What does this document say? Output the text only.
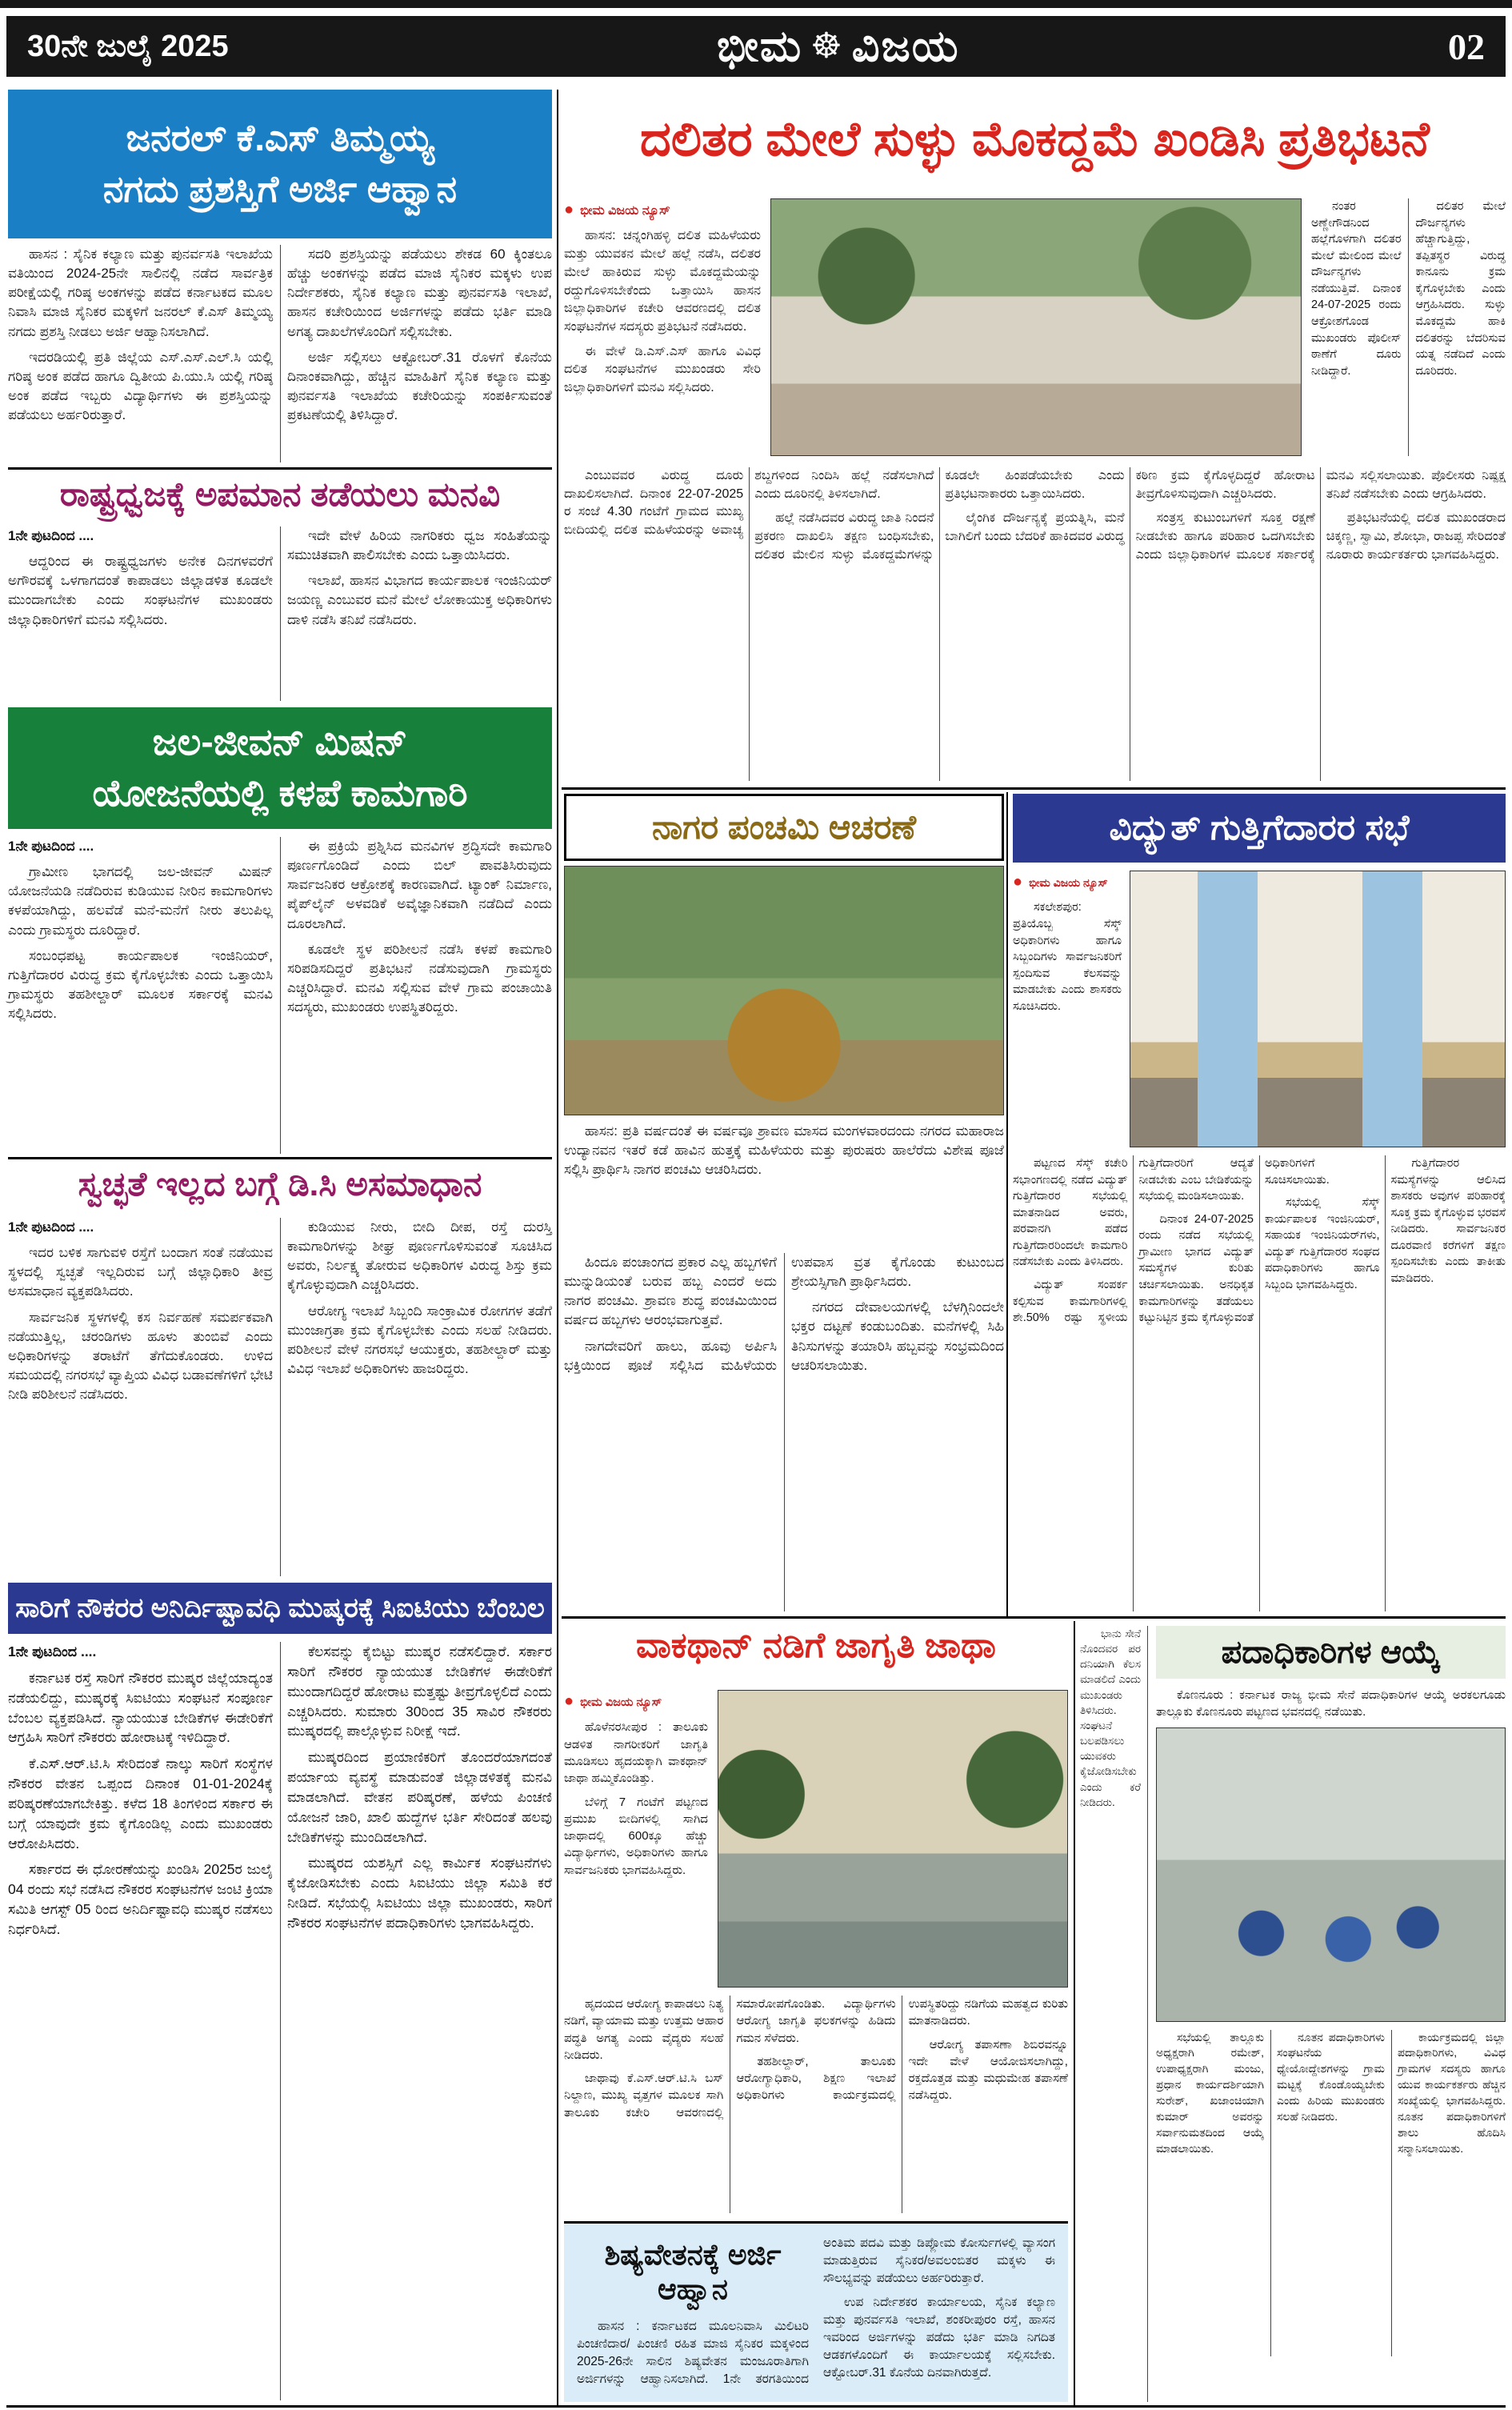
30ನೇ ಜುಲೈ 2025	ಭೀಮ ☸ ವಿಜಯ	02
ಜನರಲ್ ಕೆ.ಎಸ್ ತಿಮ್ಮಯ್ಯ
ನಗದು ಪ್ರಶಸ್ತಿಗೆ ಅರ್ಜಿ ಆಹ್ವಾನ

ಹಾಸನ : ಸೈನಿಕ ಕಲ್ಯಾಣ ಮತ್ತು ಪುನರ್ವಸತಿ ಇಲಾಖೆಯ ವತಿಯಿಂದ 2024-25ನೇ ಸಾಲಿನಲ್ಲಿ ನಡೆದ ಸಾರ್ವತ್ರಿಕ ಪರೀಕ್ಷೆಯಲ್ಲಿ ಗರಿಷ್ಠ ಅಂಕಗಳನ್ನು ಪಡೆದ ಕರ್ನಾಟಕದ ಮೂಲ ನಿವಾಸಿ ಮಾಜಿ ಸೈನಿಕರ ಮಕ್ಕಳಿಗೆ ಜನರಲ್ ಕೆ.ಎಸ್ ತಿಮ್ಮಯ್ಯ ನಗದು ಪ್ರಶಸ್ತಿ ನೀಡಲು ಅರ್ಜಿ ಆಹ್ವಾನಿಸಲಾಗಿದೆ.

ಇದರಡಿಯಲ್ಲಿ ಪ್ರತಿ ಜಿಲ್ಲೆಯ ಎಸ್.ಎಸ್.ಎಲ್.ಸಿ ಯಲ್ಲಿ ಗರಿಷ್ಠ ಅಂಕ ಪಡೆದ ಹಾಗೂ ದ್ವಿತೀಯ ಪಿ.ಯು.ಸಿ ಯಲ್ಲಿ ಗರಿಷ್ಠ ಅಂಕ ಪಡೆದ ಇಬ್ಬರು ವಿದ್ಯಾರ್ಥಿಗಳು ಈ ಪ್ರಶಸ್ತಿಯನ್ನು ಪಡೆಯಲು ಅರ್ಹರಿರುತ್ತಾರೆ.

ಸದರಿ ಪ್ರಶಸ್ತಿಯನ್ನು ಪಡೆಯಲು ಶೇಕಡ 60 ಕ್ಕಿಂತಲೂ ಹೆಚ್ಚು ಅಂಕಗಳನ್ನು ಪಡೆದ ಮಾಜಿ ಸೈನಿಕರ ಮಕ್ಕಳು ಉಪ ನಿರ್ದೇಶಕರು, ಸೈನಿಕ ಕಲ್ಯಾಣ ಮತ್ತು ಪುನರ್ವಸತಿ ಇಲಾಖೆ, ಹಾಸನ ಕಚೇರಿಯಿಂದ ಅರ್ಜಿಗಳನ್ನು ಪಡೆದು ಭರ್ತಿ ಮಾಡಿ ಅಗತ್ಯ ದಾಖಲೆಗಳೊಂದಿಗೆ ಸಲ್ಲಿಸಬೇಕು.

ಅರ್ಜಿ ಸಲ್ಲಿಸಲು ಆಕ್ಟೋಬರ್.31 ರೊಳಗೆ ಕೊನೆಯ ದಿನಾಂಕವಾಗಿದ್ದು, ಹೆಚ್ಚಿನ ಮಾಹಿತಿಗೆ ಸೈನಿಕ ಕಲ್ಯಾಣ ಮತ್ತು ಪುನರ್ವಸತಿ ಇಲಾಖೆಯ ಕಚೇರಿಯನ್ನು ಸಂಪರ್ಕಿಸುವಂತೆ ಪ್ರಕಟಣೆಯಲ್ಲಿ ತಿಳಿಸಿದ್ದಾರೆ.

ರಾಷ್ಟ್ರಧ್ವಜಕ್ಕೆ ಅಪಮಾನ ತಡೆಯಲು ಮನವಿ

1ನೇ ಪುಟದಿಂದ ....

ಆದ್ದರಿಂದ ಈ ರಾಷ್ಟ್ರಧ್ವಜಗಳು ಅನೇಕ ದಿನಗಳವರೆಗೆ ಅಗೌರವಕ್ಕೆ ಒಳಗಾಗದಂತೆ ಕಾಪಾಡಲು ಜಿಲ್ಲಾಡಳಿತ ಕೂಡಲೇ ಮುಂದಾಗಬೇಕು ಎಂದು ಸಂಘಟನೆಗಳ ಮುಖಂಡರು ಜಿಲ್ಲಾಧಿಕಾರಿಗಳಿಗೆ ಮನವಿ ಸಲ್ಲಿಸಿದರು.

ಇದೇ ವೇಳೆ ಹಿರಿಯ ನಾಗರಿಕರು ಧ್ವಜ ಸಂಹಿತೆಯನ್ನು ಸಮುಚಿತವಾಗಿ ಪಾಲಿಸಬೇಕು ಎಂದು ಒತ್ತಾಯಿಸಿದರು.

ಇಲಾಖೆ, ಹಾಸನ ವಿಭಾಗದ ಕಾರ್ಯಪಾಲಕ ಇಂಜಿನಿಯರ್ ಜಯಣ್ಣ ಎಂಬುವರ ಮನೆ ಮೇಲೆ ಲೋಕಾಯುಕ್ತ ಅಧಿಕಾರಿಗಳು ದಾಳಿ ನಡೆಸಿ ತನಿಖೆ ನಡೆಸಿದರು.

ಜಲ-ಜೀವನ್ ಮಿಷನ್
ಯೋಜನೆಯಲ್ಲಿ ಕಳಪೆ ಕಾಮಗಾರಿ

1ನೇ ಪುಟದಿಂದ ....

ಗ್ರಾಮೀಣ ಭಾಗದಲ್ಲಿ ಜಲ-ಜೀವನ್ ಮಿಷನ್ ಯೋಜನೆಯಡಿ ನಡೆದಿರುವ ಕುಡಿಯುವ ನೀರಿನ ಕಾಮಗಾರಿಗಳು ಕಳಪೆಯಾಗಿದ್ದು, ಹಲವೆಡೆ ಮನೆ-ಮನೆಗೆ ನೀರು ತಲುಪಿಲ್ಲ ಎಂದು ಗ್ರಾಮಸ್ಥರು ದೂರಿದ್ದಾರೆ.

ಸಂಬಂಧಪಟ್ಟ ಕಾರ್ಯಪಾಲಕ ಇಂಜಿನಿಯರ್, ಗುತ್ತಿಗೆದಾರರ ವಿರುದ್ಧ ಕ್ರಮ ಕೈಗೊಳ್ಳಬೇಕು ಎಂದು ಒತ್ತಾಯಿಸಿ ಗ್ರಾಮಸ್ಥರು ತಹಶೀಲ್ದಾರ್ ಮೂಲಕ ಸರ್ಕಾರಕ್ಕೆ ಮನವಿ ಸಲ್ಲಿಸಿದರು.

ಈ ಪ್ರಕ್ರಿಯೆ ಪ್ರಶ್ನಿಸಿದ ಮನವಿಗಳ ಶ್ರದ್ಧಿಸದೇ ಕಾಮಗಾರಿ ಪೂರ್ಣಗೊಂಡಿದೆ ಎಂದು ಬಿಲ್ ಪಾವತಿಸಿರುವುದು ಸಾರ್ವಜನಿಕರ ಆಕ್ರೋಶಕ್ಕೆ ಕಾರಣವಾಗಿದೆ. ಟ್ಯಾಂಕ್ ನಿರ್ಮಾಣ, ಪೈಪ್‌ಲೈನ್ ಅಳವಡಿಕೆ ಅವೈಜ್ಞಾನಿಕವಾಗಿ ನಡೆದಿದೆ ಎಂದು ದೂರಲಾಗಿದೆ.

ಕೂಡಲೇ ಸ್ಥಳ ಪರಿಶೀಲನೆ ನಡೆಸಿ ಕಳಪೆ ಕಾಮಗಾರಿ ಸರಿಪಡಿಸದಿದ್ದರೆ ಪ್ರತಿಭಟನೆ ನಡೆಸುವುದಾಗಿ ಗ್ರಾಮಸ್ಥರು ಎಚ್ಚರಿಸಿದ್ದಾರೆ. ಮನವಿ ಸಲ್ಲಿಸುವ ವೇಳೆ ಗ್ರಾಮ ಪಂಚಾಯಿತಿ ಸದಸ್ಯರು, ಮುಖಂಡರು ಉಪಸ್ಥಿತರಿದ್ದರು.

ಸ್ವಚ್ಛತೆ ಇಲ್ಲದ ಬಗ್ಗೆ ಡಿ.ಸಿ ಅಸಮಾಧಾನ

1ನೇ ಪುಟದಿಂದ ....

ಇದರ ಬಳಿಕ ಸಾಗುವಳಿ ರಸ್ತೆಗೆ ಬಂದಾಗ ಸಂತೆ ನಡೆಯುವ ಸ್ಥಳದಲ್ಲಿ ಸ್ವಚ್ಛತೆ ಇಲ್ಲದಿರುವ ಬಗ್ಗೆ ಜಿಲ್ಲಾಧಿಕಾರಿ ತೀವ್ರ ಅಸಮಾಧಾನ ವ್ಯಕ್ತಪಡಿಸಿದರು.

ಸಾರ್ವಜನಿಕ ಸ್ಥಳಗಳಲ್ಲಿ ಕಸ ನಿರ್ವಹಣೆ ಸಮರ್ಪಕವಾಗಿ ನಡೆಯುತ್ತಿಲ್ಲ, ಚರಂಡಿಗಳು ಹೂಳು ತುಂಬಿವೆ ಎಂದು ಅಧಿಕಾರಿಗಳನ್ನು ತರಾಟೆಗೆ ತೆಗೆದುಕೊಂಡರು. ಉಳಿದ ಸಮಯದಲ್ಲಿ ನಗರಸಭೆ ವ್ಯಾಪ್ತಿಯ ವಿವಿಧ ಬಡಾವಣೆಗಳಿಗೆ ಭೇಟಿ ನೀಡಿ ಪರಿಶೀಲನೆ ನಡೆಸಿದರು.

ಕುಡಿಯುವ ನೀರು, ಬೀದಿ ದೀಪ, ರಸ್ತೆ ದುರಸ್ತಿ ಕಾಮಗಾರಿಗಳನ್ನು ಶೀಘ್ರ ಪೂರ್ಣಗೊಳಿಸುವಂತೆ ಸೂಚಿಸಿದ ಅವರು, ನಿರ್ಲಕ್ಷ್ಯ ತೋರುವ ಅಧಿಕಾರಿಗಳ ವಿರುದ್ಧ ಶಿಸ್ತು ಕ್ರಮ ಕೈಗೊಳ್ಳುವುದಾಗಿ ಎಚ್ಚರಿಸಿದರು.

ಆರೋಗ್ಯ ಇಲಾಖೆ ಸಿಬ್ಬಂದಿ ಸಾಂಕ್ರಾಮಿಕ ರೋಗಗಳ ತಡೆಗೆ ಮುಂಜಾಗ್ರತಾ ಕ್ರಮ ಕೈಗೊಳ್ಳಬೇಕು ಎಂದು ಸಲಹೆ ನೀಡಿದರು. ಪರಿಶೀಲನೆ ವೇಳೆ ನಗರಸಭೆ ಆಯುಕ್ತರು, ತಹಶೀಲ್ದಾರ್ ಮತ್ತು ವಿವಿಧ ಇಲಾಖೆ ಅಧಿಕಾರಿಗಳು ಹಾಜರಿದ್ದರು.

ಸಾರಿಗೆ ನೌಕರರ ಅನಿರ್ದಿಷ್ಟಾವಧಿ ಮುಷ್ಕರಕ್ಕೆ ಸಿಐಟಿಯು ಬೆಂಬಲ

1ನೇ ಪುಟದಿಂದ ....

ಕರ್ನಾಟಕ ರಸ್ತೆ ಸಾರಿಗೆ ನೌಕರರ ಮುಷ್ಕರ ಜಿಲ್ಲೆಯಾದ್ಯಂತ ನಡೆಯಲಿದ್ದು, ಮುಷ್ಕರಕ್ಕೆ ಸಿಐಟಿಯು ಸಂಘಟನೆ ಸಂಪೂರ್ಣ ಬೆಂಬಲ ವ್ಯಕ್ತಪಡಿಸಿದೆ. ನ್ಯಾಯಯುತ ಬೇಡಿಕೆಗಳ ಈಡೇರಿಕೆಗೆ ಆಗ್ರಹಿಸಿ ಸಾರಿಗೆ ನೌಕರರು ಹೋರಾಟಕ್ಕೆ ಇಳಿದಿದ್ದಾರೆ.

ಕೆ.ಎಸ್.ಆರ್.ಟಿ.ಸಿ ಸೇರಿದಂತೆ ನಾಲ್ಕು ಸಾರಿಗೆ ಸಂಸ್ಥೆಗಳ ನೌಕರರ ವೇತನ ಒಪ್ಪಂದ ದಿನಾಂಕ 01-01-2024ಕ್ಕೆ ಪರಿಷ್ಕರಣೆಯಾಗಬೇಕಿತ್ತು. ಕಳೆದ 18 ತಿಂಗಳಿಂದ ಸರ್ಕಾರ ಈ ಬಗ್ಗೆ ಯಾವುದೇ ಕ್ರಮ ಕೈಗೊಂಡಿಲ್ಲ ಎಂದು ಮುಖಂಡರು ಆರೋಪಿಸಿದರು.

ಸರ್ಕಾರದ ಈ ಧೋರಣೆಯನ್ನು ಖಂಡಿಸಿ 2025ರ ಜುಲೈ 04 ರಂದು ಸಭೆ ನಡೆಸಿದ ನೌಕರರ ಸಂಘಟನೆಗಳ ಜಂಟಿ ಕ್ರಿಯಾ ಸಮಿತಿ ಆಗಸ್ಟ್ 05 ರಿಂದ ಅನಿರ್ದಿಷ್ಟಾವಧಿ ಮುಷ್ಕರ ನಡೆಸಲು ನಿರ್ಧರಿಸಿದೆ.

ಕೆಲಸವನ್ನು ಕೈಬಿಟ್ಟು ಮುಷ್ಕರ ನಡೆಸಲಿದ್ದಾರೆ. ಸರ್ಕಾರ ಸಾರಿಗೆ ನೌಕರರ ನ್ಯಾಯಯುತ ಬೇಡಿಕೆಗಳ ಈಡೇರಿಕೆಗೆ ಮುಂದಾಗದಿದ್ದರೆ ಹೋರಾಟ ಮತ್ತಷ್ಟು ತೀವ್ರಗೊಳ್ಳಲಿದೆ ಎಂದು ಎಚ್ಚರಿಸಿದರು. ಸುಮಾರು 30ರಿಂದ 35 ಸಾವಿರ ನೌಕರರು ಮುಷ್ಕರದಲ್ಲಿ ಪಾಲ್ಗೊಳ್ಳುವ ನಿರೀಕ್ಷೆ ಇದೆ.

ಮುಷ್ಕರದಿಂದ ಪ್ರಯಾಣಿಕರಿಗೆ ತೊಂದರೆಯಾಗದಂತೆ ಪರ್ಯಾಯ ವ್ಯವಸ್ಥೆ ಮಾಡುವಂತೆ ಜಿಲ್ಲಾಡಳಿತಕ್ಕೆ ಮನವಿ ಮಾಡಲಾಗಿದೆ. ವೇತನ ಪರಿಷ್ಕರಣೆ, ಹಳೆಯ ಪಿಂಚಣಿ ಯೋಜನೆ ಜಾರಿ, ಖಾಲಿ ಹುದ್ದೆಗಳ ಭರ್ತಿ ಸೇರಿದಂತೆ ಹಲವು ಬೇಡಿಕೆಗಳನ್ನು ಮುಂದಿಡಲಾಗಿದೆ.

ಮುಷ್ಕರದ ಯಶಸ್ಸಿಗೆ ಎಲ್ಲ ಕಾರ್ಮಿಕ ಸಂಘಟನೆಗಳು ಕೈಜೋಡಿಸಬೇಕು ಎಂದು ಸಿಐಟಿಯು ಜಿಲ್ಲಾ ಸಮಿತಿ ಕರೆ ನೀಡಿದೆ. ಸಭೆಯಲ್ಲಿ ಸಿಐಟಿಯು ಜಿಲ್ಲಾ ಮುಖಂಡರು, ಸಾರಿಗೆ ನೌಕರರ ಸಂಘಟನೆಗಳ ಪದಾಧಿಕಾರಿಗಳು ಭಾಗವಹಿಸಿದ್ದರು.

ದಲಿತರ ಮೇಲೆ ಸುಳ್ಳು ಮೊಕದ್ದಮೆ ಖಂಡಿಸಿ ಪ್ರತಿಭಟನೆ

● ಭೀಮ ವಿಜಯ ನ್ಯೂಸ್

ಹಾಸನ: ಚನ್ನಂಗಿಹಳ್ಳಿ ದಲಿತ ಮಹಿಳೆಯರು ಮತ್ತು ಯುವಕನ ಮೇಲೆ ಹಲ್ಲೆ ನಡೆಸಿ, ದಲಿತರ ಮೇಲೆ ಹಾಕಿರುವ ಸುಳ್ಳು ಮೊಕದ್ದಮೆಯನ್ನು ರದ್ದುಗೊಳಿಸಬೇಕೆಂದು ಒತ್ತಾಯಿಸಿ ಹಾಸನ ಜಿಲ್ಲಾಧಿಕಾರಿಗಳ ಕಚೇರಿ ಆವರಣದಲ್ಲಿ ದಲಿತ ಸಂಘಟನೆಗಳ ಸದಸ್ಯರು ಪ್ರತಿಭಟನೆ ನಡೆಸಿದರು.

ಈ ವೇಳೆ ಡಿ.ಎಸ್.ಎಸ್ ಹಾಗೂ ವಿವಿಧ ದಲಿತ ಸಂಘಟನೆಗಳ ಮುಖಂಡರು ಸೇರಿ ಜಿಲ್ಲಾಧಿಕಾರಿಗಳಿಗೆ ಮನವಿ ಸಲ್ಲಿಸಿದರು.

ನಂತರ ಅಣ್ಣೇಗೌಡನಿಂದ ಹಲ್ಲೆಗೊಳಗಾಗಿ ದಲಿತರ ಮೇಲೆ ಮೇಲಿಂದ ಮೇಲೆ ದೌರ್ಜನ್ಯಗಳು ನಡೆಯುತ್ತಿವೆ. ದಿನಾಂಕ 24-07-2025 ರಂದು ಆಕ್ರೋಶಗೊಂಡ ಮುಖಂಡರು ಪೊಲೀಸ್ ಠಾಣೆಗೆ ದೂರು ನೀಡಿದ್ದಾರೆ.

ದಲಿತರ ಮೇಲೆ ದೌರ್ಜನ್ಯಗಳು ಹೆಚ್ಚಾಗುತ್ತಿದ್ದು, ತಪ್ಪಿತಸ್ಥರ ವಿರುದ್ಧ ಕಾನೂನು ಕ್ರಮ ಕೈಗೊಳ್ಳಬೇಕು ಎಂದು ಆಗ್ರಹಿಸಿದರು. ಸುಳ್ಳು ಮೊಕದ್ದಮೆ ಹಾಕಿ ದಲಿತರನ್ನು ಬೆದರಿಸುವ ಯತ್ನ ನಡೆದಿದೆ ಎಂದು ದೂರಿದರು.

ಎಂಬುವವರ ವಿರುದ್ಧ ದೂರು ದಾಖಲಿಸಲಾಗಿದೆ. ದಿನಾಂಕ 22-07-2025 ರ ಸಂಜೆ 4.30 ಗಂಟೆಗೆ ಗ್ರಾಮದ ಮುಖ್ಯ ಬೀದಿಯಲ್ಲಿ ದಲಿತ ಮಹಿಳೆಯರನ್ನು ಅವಾಚ್ಯ ಶಬ್ದಗಳಿಂದ ನಿಂದಿಸಿ ಹಲ್ಲೆ ನಡೆಸಲಾಗಿದೆ ಎಂದು ದೂರಿನಲ್ಲಿ ತಿಳಿಸಲಾಗಿದೆ.

ಹಲ್ಲೆ ನಡೆಸಿದವರ ವಿರುದ್ಧ ಜಾತಿ ನಿಂದನೆ ಪ್ರಕರಣ ದಾಖಲಿಸಿ ತಕ್ಷಣ ಬಂಧಿಸಬೇಕು, ದಲಿತರ ಮೇಲಿನ ಸುಳ್ಳು ಮೊಕದ್ದಮೆಗಳನ್ನು ಕೂಡಲೇ ಹಿಂಪಡೆಯಬೇಕು ಎಂದು ಪ್ರತಿಭಟನಾಕಾರರು ಒತ್ತಾಯಿಸಿದರು.

ಲೈಂಗಿಕ ದೌರ್ಜನ್ಯಕ್ಕೆ ಪ್ರಯತ್ನಿಸಿ, ಮನೆ ಬಾಗಿಲಿಗೆ ಬಂದು ಬೆದರಿಕೆ ಹಾಕಿದವರ ವಿರುದ್ಧ ಕಠಿಣ ಕ್ರಮ ಕೈಗೊಳ್ಳದಿದ್ದರೆ ಹೋರಾಟ ತೀವ್ರಗೊಳಿಸುವುದಾಗಿ ಎಚ್ಚರಿಸಿದರು.

ಸಂತ್ರಸ್ತ ಕುಟುಂಬಗಳಿಗೆ ಸೂಕ್ತ ರಕ್ಷಣೆ ನೀಡಬೇಕು ಹಾಗೂ ಪರಿಹಾರ ಒದಗಿಸಬೇಕು ಎಂದು ಜಿಲ್ಲಾಧಿಕಾರಿಗಳ ಮೂಲಕ ಸರ್ಕಾರಕ್ಕೆ ಮನವಿ ಸಲ್ಲಿಸಲಾಯಿತು. ಪೊಲೀಸರು ನಿಷ್ಪಕ್ಷ ತನಿಖೆ ನಡೆಸಬೇಕು ಎಂದು ಆಗ್ರಹಿಸಿದರು.

ಪ್ರತಿಭಟನೆಯಲ್ಲಿ ದಲಿತ ಮುಖಂಡರಾದ ಚಿಕ್ಕಣ್ಣ, ಸ್ವಾಮಿ, ಶೋಭಾ, ರಾಜಪ್ಪ ಸೇರಿದಂತೆ ನೂರಾರು ಕಾರ್ಯಕರ್ತರು ಭಾಗವಹಿಸಿದ್ದರು.

ನಾಗರ ಪಂಚಮಿ ಆಚರಣೆ

ಹಾಸನ: ಪ್ರತಿ ವರ್ಷದಂತೆ ಈ ವರ್ಷವೂ ಶ್ರಾವಣ ಮಾಸದ ಮಂಗಳವಾರದಂದು ನಗರದ ಮಹಾರಾಜ ಉದ್ಯಾನವನ ಇತರೆ ಕಡೆ ಹಾವಿನ ಹುತ್ತಕ್ಕೆ ಮಹಿಳೆಯರು ಮತ್ತು ಪುರುಷರು ಹಾಲೆರೆದು ವಿಶೇಷ ಪೂಜೆ ಸಲ್ಲಿಸಿ ಪ್ರಾರ್ಥಿಸಿ ನಾಗರ ಪಂಚಮಿ ಆಚರಿಸಿದರು.

ಹಿಂದೂ ಪಂಚಾಂಗದ ಪ್ರಕಾರ ಎಲ್ಲ ಹಬ್ಬಗಳಿಗೆ ಮುನ್ನುಡಿಯಂತೆ ಬರುವ ಹಬ್ಬ ಎಂದರೆ ಅದು ನಾಗರ ಪಂಚಮಿ. ಶ್ರಾವಣ ಶುದ್ಧ ಪಂಚಮಿಯಿಂದ ವರ್ಷದ ಹಬ್ಬಗಳು ಆರಂಭವಾಗುತ್ತವೆ.

ನಾಗದೇವರಿಗೆ ಹಾಲು, ಹೂವು ಅರ್ಪಿಸಿ ಭಕ್ತಿಯಿಂದ ಪೂಜೆ ಸಲ್ಲಿಸಿದ ಮಹಿಳೆಯರು ಉಪವಾಸ ವ್ರತ ಕೈಗೊಂಡು ಕುಟುಂಬದ ಶ್ರೇಯಸ್ಸಿಗಾಗಿ ಪ್ರಾರ್ಥಿಸಿದರು.

ನಗರದ ದೇವಾಲಯಗಳಲ್ಲಿ ಬೆಳಗ್ಗಿನಿಂದಲೇ ಭಕ್ತರ ದಟ್ಟಣೆ ಕಂಡುಬಂದಿತು. ಮನೆಗಳಲ್ಲಿ ಸಿಹಿ ತಿನಿಸುಗಳನ್ನು ತಯಾರಿಸಿ ಹಬ್ಬವನ್ನು ಸಂಭ್ರಮದಿಂದ ಆಚರಿಸಲಾಯಿತು.

ವಿದ್ಯುತ್ ಗುತ್ತಿಗೆದಾರರ ಸಭೆ

● ಭೀಮ ವಿಜಯ ನ್ಯೂಸ್

ಸಕಲೇಶಪುರ: ಪ್ರತಿಯೊಬ್ಬ ಸೆಸ್ಕ್ ಅಧಿಕಾರಿಗಳು ಹಾಗೂ ಸಿಬ್ಬಂದಿಗಳು ಸಾರ್ವಜನಿಕರಿಗೆ ಸ್ಪಂದಿಸುವ ಕೆಲಸವನ್ನು ಮಾಡಬೇಕು ಎಂದು ಶಾಸಕರು ಸೂಚಿಸಿದರು.

ಪಟ್ಟಣದ ಸೆಸ್ಕ್ ಕಚೇರಿ ಸಭಾಂಗಣದಲ್ಲಿ ನಡೆದ ವಿದ್ಯುತ್ ಗುತ್ತಿಗೆದಾರರ ಸಭೆಯಲ್ಲಿ ಮಾತನಾಡಿದ ಅವರು, ಪರವಾನಗಿ ಪಡೆದ ಗುತ್ತಿಗೆದಾರರಿಂದಲೇ ಕಾಮಗಾರಿ ನಡೆಸಬೇಕು ಎಂದು ತಿಳಿಸಿದರು.

ವಿದ್ಯುತ್ ಸಂಪರ್ಕ ಕಲ್ಪಿಸುವ ಕಾಮಗಾರಿಗಳಲ್ಲಿ ಶೇ.50% ರಷ್ಟು ಸ್ಥಳೀಯ ಗುತ್ತಿಗೆದಾರರಿಗೆ ಆದ್ಯತೆ ನೀಡಬೇಕು ಎಂಬ ಬೇಡಿಕೆಯನ್ನು ಸಭೆಯಲ್ಲಿ ಮಂಡಿಸಲಾಯಿತು.

ದಿನಾಂಕ 24-07-2025 ರಂದು ನಡೆದ ಸಭೆಯಲ್ಲಿ ಗ್ರಾಮೀಣ ಭಾಗದ ವಿದ್ಯುತ್ ಸಮಸ್ಯೆಗಳ ಕುರಿತು ಚರ್ಚಿಸಲಾಯಿತು. ಅನಧಿಕೃತ ಕಾಮಗಾರಿಗಳನ್ನು ತಡೆಯಲು ಕಟ್ಟುನಿಟ್ಟಿನ ಕ್ರಮ ಕೈಗೊಳ್ಳುವಂತೆ ಅಧಿಕಾರಿಗಳಿಗೆ ಸೂಚಿಸಲಾಯಿತು.

ಸಭೆಯಲ್ಲಿ ಸೆಸ್ಕ್ ಕಾರ್ಯಪಾಲಕ ಇಂಜಿನಿಯರ್, ಸಹಾಯಕ ಇಂಜಿನಿಯರ್‌ಗಳು, ವಿದ್ಯುತ್ ಗುತ್ತಿಗೆದಾರರ ಸಂಘದ ಪದಾಧಿಕಾರಿಗಳು ಹಾಗೂ ಸಿಬ್ಬಂದಿ ಭಾಗವಹಿಸಿದ್ದರು.

ಗುತ್ತಿಗೆದಾರರ ಸಮಸ್ಯೆಗಳನ್ನು ಆಲಿಸಿದ ಶಾಸಕರು ಅವುಗಳ ಪರಿಹಾರಕ್ಕೆ ಸೂಕ್ತ ಕ್ರಮ ಕೈಗೊಳ್ಳುವ ಭರವಸೆ ನೀಡಿದರು. ಸಾರ್ವಜನಿಕರ ದೂರವಾಣಿ ಕರೆಗಳಿಗೆ ತಕ್ಷಣ ಸ್ಪಂದಿಸಬೇಕು ಎಂದು ತಾಕೀತು ಮಾಡಿದರು.

ವಾಕಥಾನ್ ನಡಿಗೆ ಜಾಗೃತಿ ಜಾಥಾ

● ಭೀಮ ವಿಜಯ ನ್ಯೂಸ್

ಹೊಳೆನರಸೀಪುರ : ತಾಲೂಕು ಆಡಳಿತ ನಾಗರೀಕರಿಗೆ ಜಾಗೃತಿ ಮೂಡಿಸಲು ಹೃದಯಕ್ಕಾಗಿ ವಾಕಥಾನ್ ಜಾಥಾ ಹಮ್ಮಿಕೊಂಡಿತ್ತು.

ಬೆಳಿಗ್ಗೆ 7 ಗಂಟೆಗೆ ಪಟ್ಟಣದ ಪ್ರಮುಖ ಬೀದಿಗಳಲ್ಲಿ ಸಾಗಿದ ಜಾಥಾದಲ್ಲಿ 600ಕ್ಕೂ ಹೆಚ್ಚು ವಿದ್ಯಾರ್ಥಿಗಳು, ಅಧಿಕಾರಿಗಳು ಹಾಗೂ ಸಾರ್ವಜನಿಕರು ಭಾಗವಹಿಸಿದ್ದರು.

ಹೃದಯದ ಆರೋಗ್ಯ ಕಾಪಾಡಲು ನಿತ್ಯ ನಡಿಗೆ, ವ್ಯಾಯಾಮ ಮತ್ತು ಉತ್ತಮ ಆಹಾರ ಪದ್ಧತಿ ಅಗತ್ಯ ಎಂದು ವೈದ್ಯರು ಸಲಹೆ ನೀಡಿದರು.

ಜಾಥಾವು ಕೆ.ಎಸ್.ಆರ್.ಟಿ.ಸಿ ಬಸ್ ನಿಲ್ದಾಣ, ಮುಖ್ಯ ವೃತ್ತಗಳ ಮೂಲಕ ಸಾಗಿ ತಾಲೂಕು ಕಚೇರಿ ಆವರಣದಲ್ಲಿ ಸಮಾರೋಪಗೊಂಡಿತು. ವಿದ್ಯಾರ್ಥಿಗಳು ಆರೋಗ್ಯ ಜಾಗೃತಿ ಫಲಕಗಳನ್ನು ಹಿಡಿದು ಗಮನ ಸೆಳೆದರು.

ತಹಶೀಲ್ದಾರ್, ತಾಲೂಕು ಆರೋಗ್ಯಾಧಿಕಾರಿ, ಶಿಕ್ಷಣ ಇಲಾಖೆ ಅಧಿಕಾರಿಗಳು ಕಾರ್ಯಕ್ರಮದಲ್ಲಿ ಉಪಸ್ಥಿತರಿದ್ದು ನಡಿಗೆಯ ಮಹತ್ವದ ಕುರಿತು ಮಾತನಾಡಿದರು.

ಆರೋಗ್ಯ ತಪಾಸಣಾ ಶಿಬಿರವನ್ನೂ ಇದೇ ವೇಳೆ ಆಯೋಜಿಸಲಾಗಿದ್ದು, ರಕ್ತದೊತ್ತಡ ಮತ್ತು ಮಧುಮೇಹ ತಪಾಸಣೆ ನಡೆಸಿದ್ದರು.

ಶಿಷ್ಯವೇತನಕ್ಕೆ ಅರ್ಜಿ ಆಹ್ವಾನ

ಹಾಸನ : ಕರ್ನಾಟಕದ ಮೂಲನಿವಾಸಿ ಮಿಲಿಟರಿ ಪಿಂಚಣಿದಾರ/ ಪಿಂಚಣಿ ರಹಿತ ಮಾಜಿ ಸೈನಿಕರ ಮಕ್ಕಳಿಂದ 2025-26ನೇ ಸಾಲಿನ ಶಿಷ್ಯವೇತನ ಮಂಜೂರಾತಿಗಾಗಿ ಅರ್ಜಿಗಳನ್ನು ಆಹ್ವಾನಿಸಲಾಗಿದೆ. 1ನೇ ತರಗತಿಯಿಂದ ಅಂತಿಮ ಪದವಿ ಮತ್ತು ಡಿಪ್ಲೋಮ ಕೋರ್ಸುಗಳಲ್ಲಿ ವ್ಯಾಸಂಗ ಮಾಡುತ್ತಿರುವ ಸೈನಿಕರ/ಅವಲಂಬಿತರ ಮಕ್ಕಳು ಈ ಸೌಲಭ್ಯವನ್ನು ಪಡೆಯಲು ಅರ್ಹರಿರುತ್ತಾರೆ.

ಉಪ ನಿರ್ದೇಶಕರ ಕಾರ್ಯಾಲಯ, ಸೈನಿಕ ಕಲ್ಯಾಣ ಮತ್ತು ಪುನರ್ವಸತಿ ಇಲಾಖೆ, ಶಂಕರೀಪುರಂ ರಸ್ತೆ, ಹಾಸನ ಇವರಿಂದ ಅರ್ಜಿಗಳನ್ನು ಪಡೆದು ಭರ್ತಿ ಮಾಡಿ ನಿಗದಿತ ಆಡಕಗಳೊಂದಿಗೆ ಈ ಕಾರ್ಯಾಲಯಕ್ಕೆ ಸಲ್ಲಿಸಬೇಕು. ಆಕ್ಟೋಬರ್.31 ಕೊನೆಯ ದಿನವಾಗಿರುತ್ತದೆ.

ಭಾನು ಸೇನೆ ನೊಂದವರ ಪರ ದನಿಯಾಗಿ ಕೆಲಸ ಮಾಡಲಿದೆ ಎಂದು ಮುಖಂಡರು ತಿಳಿಸಿದರು. ಸಂಘಟನೆ ಬಲಪಡಿಸಲು ಯುವಕರು ಕೈಜೋಡಿಸಬೇಕು ಎಂದು ಕರೆ ನೀಡಿದರು.

ಪದಾಧಿಕಾರಿಗಳ ಆಯ್ಕೆ

ಕೊಣನೂರು : ಕರ್ನಾಟಕ ರಾಜ್ಯ ಭೀಮ ಸೇನೆ ಪದಾಧಿಕಾರಿಗಳ ಆಯ್ಕೆ ಅರಕಲಗೂಡು ತಾಲ್ಲೂಕು ಕೊಣನೂರು ಪಟ್ಟಣದ ಭವನದಲ್ಲಿ ನಡೆಯಿತು.

ಸಭೆಯಲ್ಲಿ ತಾಲ್ಲೂಕು ಅಧ್ಯಕ್ಷರಾಗಿ ರಮೇಶ್, ಉಪಾಧ್ಯಕ್ಷರಾಗಿ ಮಂಜು, ಪ್ರಧಾನ ಕಾರ್ಯದರ್ಶಿಯಾಗಿ ಸುರೇಶ್, ಖಜಾಂಚಿಯಾಗಿ ಕುಮಾರ್ ಅವರನ್ನು ಸರ್ವಾನುಮತದಿಂದ ಆಯ್ಕೆ ಮಾಡಲಾಯಿತು.

ನೂತನ ಪದಾಧಿಕಾರಿಗಳು ಸಂಘಟನೆಯ ಧ್ಯೇಯೋದ್ದೇಶಗಳನ್ನು ಗ್ರಾಮ ಮಟ್ಟಕ್ಕೆ ಕೊಂಡೊಯ್ಯಬೇಕು ಎಂದು ಹಿರಿಯ ಮುಖಂಡರು ಸಲಹೆ ನೀಡಿದರು.

ಕಾರ್ಯಕ್ರಮದಲ್ಲಿ ಜಿಲ್ಲಾ ಪದಾಧಿಕಾರಿಗಳು, ವಿವಿಧ ಗ್ರಾಮಗಳ ಸದಸ್ಯರು ಹಾಗೂ ಯುವ ಕಾರ್ಯಕರ್ತರು ಹೆಚ್ಚಿನ ಸಂಖ್ಯೆಯಲ್ಲಿ ಭಾಗವಹಿಸಿದ್ದರು. ನೂತನ ಪದಾಧಿಕಾರಿಗಳಿಗೆ ಶಾಲು ಹೊದಿಸಿ ಸನ್ಮಾನಿಸಲಾಯಿತು.
